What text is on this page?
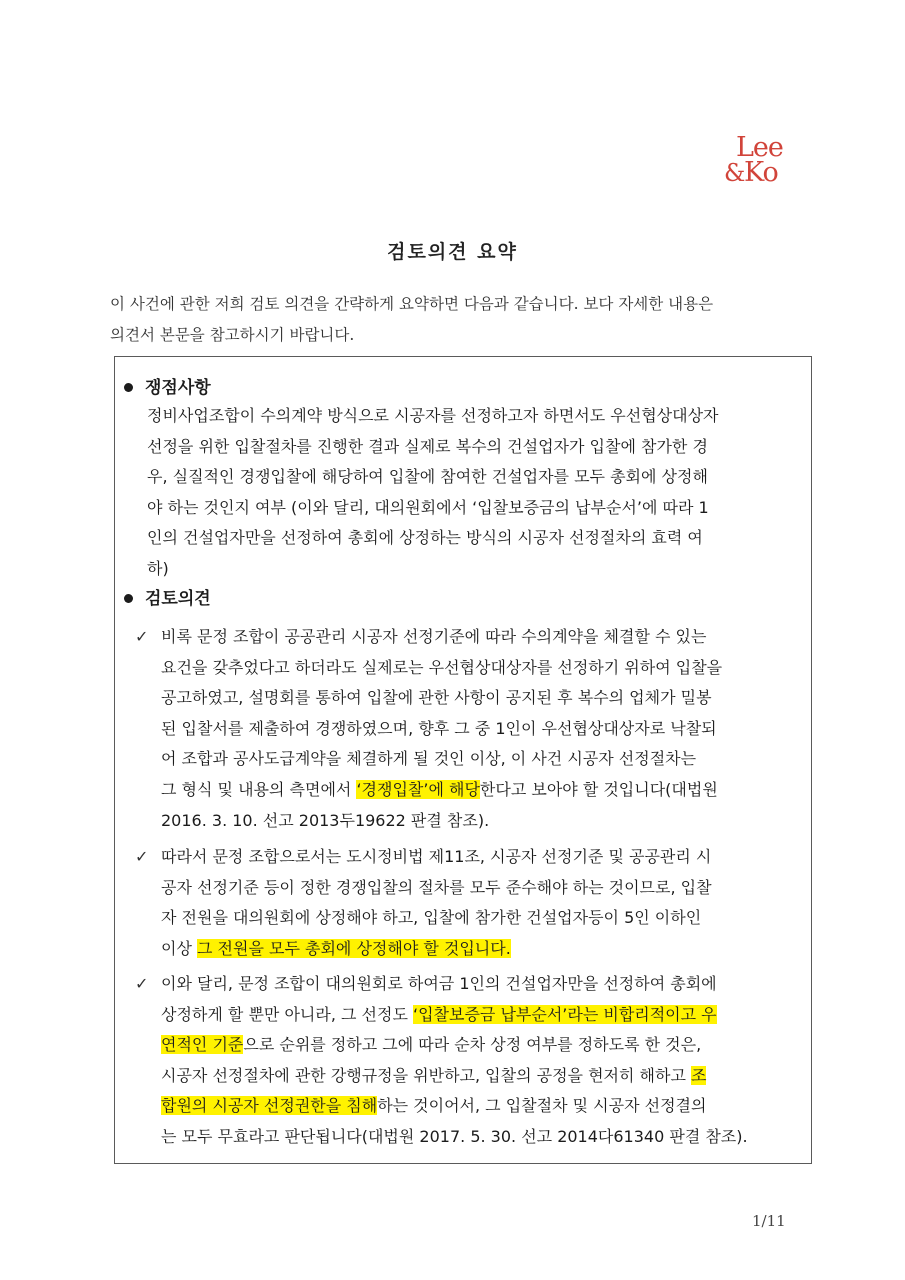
Lee
&
Ko
검토의견 요약

이 사건에 관한 저희 검토 의견을 간략하게 요약하면 다음과 같습니다. 보다 자세한 내용은

의견서 본문을 참고하시기 바랍니다.

쟁점사항
정비사업조합이 수의계약 방식으로 시공자를 선정하고자 하면서도 우선협상대상자
선정을 위한 입찰절차를 진행한 결과 실제로 복수의 건설업자가 입찰에 참가한 경
우, 실질적인 경쟁입찰에 해당하여 입찰에 참여한 건설업자를 모두 총회에 상정해
야 하는 것인지 여부 (이와 달리, 대의원회에서 ‘입찰보증금의 납부순서’에 따라 1
인의 건설업자만을 선정하여 총회에 상정하는 방식의 시공자 선정절차의 효력 여
하)
검토의견
✓ 비록 문정 조합이 공공관리 시공자 선정기준에 따라 수의계약을 체결할 수 있는
요건을 갖추었다고 하더라도 실제로는 우선협상대상자를 선정하기 위하여 입찰을
공고하였고, 설명회를 통하여 입찰에 관한 사항이 공지된 후 복수의 업체가 밀봉
된 입찰서를 제출하여 경쟁하였으며, 향후 그 중 1인이 우선협상대상자로 낙찰되
어 조합과 공사도급계약을 체결하게 될 것인 이상, 이 사건 시공자 선정절차는
그 형식 및 내용의 측면에서 ‘경쟁입찰’에 해당한다고 보아야 할 것입니다(대법원
2016. 3. 10. 선고 2013두19622 판결 참조).
✓ 따라서 문정 조합으로서는 도시정비법 제11조, 시공자 선정기준 및 공공관리 시
공자 선정기준 등이 정한 경쟁입찰의 절차를 모두 준수해야 하는 것이므로, 입찰
자 전원을 대의원회에 상정해야 하고, 입찰에 참가한 건설업자등이 5인 이하인
이상 그 전원을 모두 총회에 상정해야 할 것입니다.
✓ 이와 달리, 문정 조합이 대의원회로 하여금 1인의 건설업자만을 선정하여 총회에
상정하게 할 뿐만 아니라, 그 선정도 ‘입찰보증금 납부순서’라는 비합리적이고 우
연적인 기준으로 순위를 정하고 그에 따라 순차 상정 여부를 정하도록 한 것은,
시공자 선정절차에 관한 강행규정을 위반하고, 입찰의 공정을 현저히 해하고 조
합원의 시공자 선정권한을 침해하는 것이어서, 그 입찰절차 및 시공자 선정결의
는 모두 무효라고 판단됩니다(대법원 2017. 5. 30. 선고 2014다61340 판결 참조).
1/11
